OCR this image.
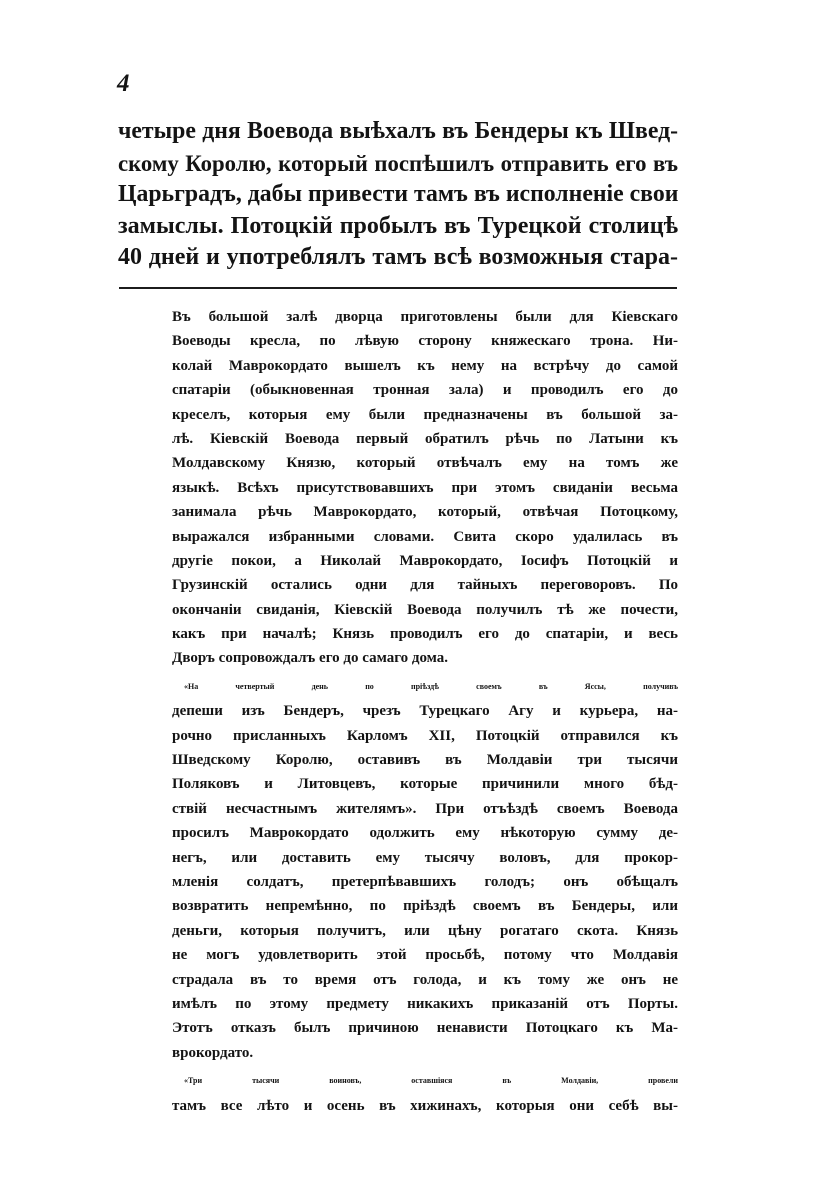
4
четыре дня Воевода выѣхалъ въ Бендеры къ Швед-
скому Королю, который поспѣшилъ отправить его въ
Царьградъ, дабы привести тамъ въ исполненіе свои
замыслы. Потоцкій пробылъ въ Турецкой столицѣ
40 дней и употреблялъ тамъ всѣ возможныя стара-
Въ большой залѣ дворца приготовлены были для Кіевскаго
Воеводы кресла, по лѣвую сторону княжескаго трона. Ни-
колай Маврокордато вышелъ къ нему на встрѣчу до самой
спатаріи (обыкновенная тронная зала) и проводилъ его до
креселъ, которыя ему были предназначены въ большой за-
лѣ. Кіевскій Воевода первый обратилъ рѣчь по Латыни къ
Молдавскому Князю, который отвѣчалъ ему на томъ же
языкѣ. Всѣхъ присутствовавшихъ при этомъ свиданіи весьма
занимала рѣчь Маврокордато, который, отвѣчая Потоцкому,
выражался избранными словами. Свита скоро удалилась въ
другіе покои, а Николай Маврокордато, Іосифъ Потоцкій и
Грузинскій остались одни для тайныхъ переговоровъ. По
окончаніи свиданія, Кіевскій Воевода получилъ тѣ же почести,
какъ при началѣ; Князь проводилъ его до спатаріи, и весь
Дворъ сопровождалъ его до самаго дома.
«На четвертый день по пріѣздѣ своемъ въ Яссы, получивъ
депеши изъ Бендеръ, чрезъ Турецкаго Агу и курьера, на-
рочно присланныхъ Карломъ XII, Потоцкій отправился къ
Шведскому Королю, оставивъ въ Молдавіи три тысячи
Поляковъ и Литовцевъ, которые причинили много бѣд-
ствій несчастнымъ жителямъ». При отъѣздѣ своемъ Воевода
просилъ Маврокордато одолжить ему нѣкоторую сумму де-
негъ, или доставить ему тысячу воловъ, для прокор-
мленія солдатъ, претерпѣвавшихъ голодъ; онъ обѣщалъ
возвратить непремѣнно, по пріѣздѣ своемъ въ Бендеры, или
деньги, которыя получитъ, или цѣну рогатаго скота. Князь
не могъ удовлетворить этой просьбѣ, потому что Молдавія
страдала въ то время отъ голода, и къ тому же онъ не
имѣлъ по этому предмету никакихъ приказаній отъ Порты.
Этотъ отказъ былъ причиною ненависти Потоцкаго къ Ма-
врокордато.
«Три тысячи воиновъ, оставшіяся въ Молдавіи, провели
тамъ все лѣто и осень въ хижинахъ, которыя они себѣ вы-
